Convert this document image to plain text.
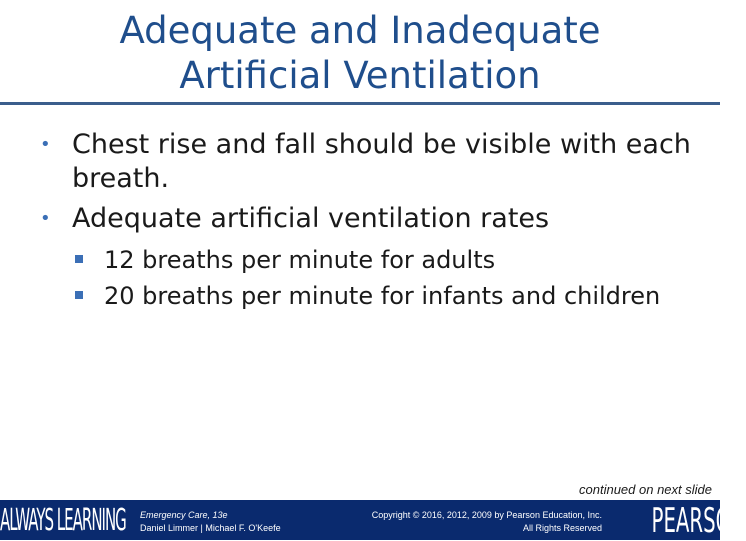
Adequate and Inadequate
Artificial Ventilation
• Chest rise and fall should be visible with each breath.
• Adequate artificial ventilation rates
12 breaths per minute for adults
20 breaths per minute for infants and children
continued on next slide
ALWAYS LEARNING Emergency Care, 13e
Daniel Limmer | Michael F. O'Keefe
Copyright © 2016, 2012, 2009 by Pearson Education, Inc.
All Rights Reserved PEARSON
